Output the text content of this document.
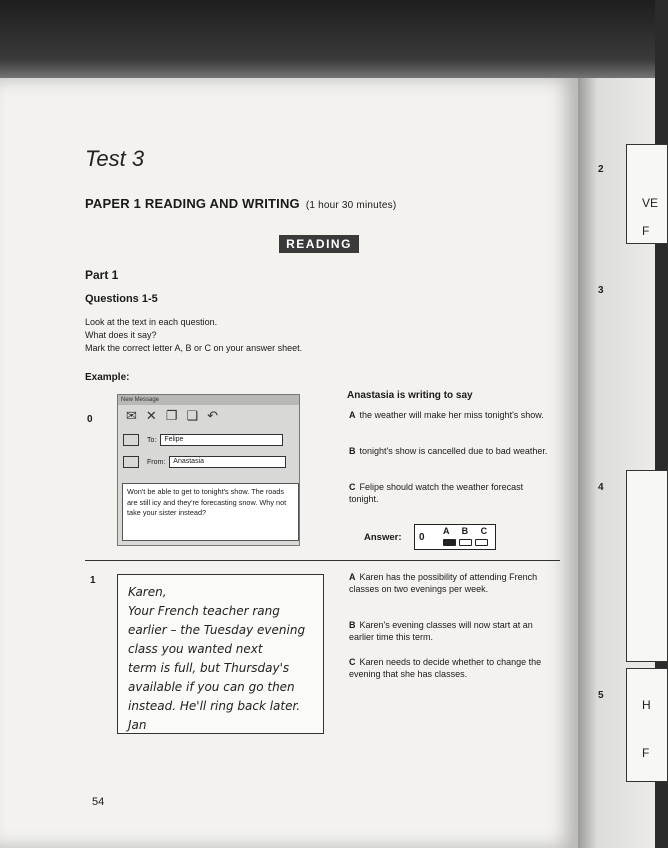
2
VE
F
3
4
5
H
F
Test 3
PAPER 1 READING AND WRITING (1 hour 30 minutes)
READING
Part 1
Questions 1-5
Look at the text in each question.
What does it say?
Mark the correct letter A, B or C on your answer sheet.
Example:
0
New Message
✉ ✕ ❐ ❏ ↶
To:	Felipe
From:	Anastasia
Won't be able to get to tonight's show. The roads are still icy and they're forecasting snow. Why not take your sister instead?
Anastasia is writing to say
A the weather will make her miss tonight's show.
B tonight's show is cancelled due to bad weather.
C Felipe should watch the weather forecast tonight.
Answer: 0
A B C
1
Karen,
Your French teacher rang
earlier – the Tuesday evening
class you wanted next
term is full, but Thursday's
available if you can go then
instead. He'll ring back later.
Jan
A Karen has the possibility of attending French classes on two evenings per week.
B Karen's evening classes will now start at an earlier time this term.
C Karen needs to decide whether to change the evening that she has classes.
54
